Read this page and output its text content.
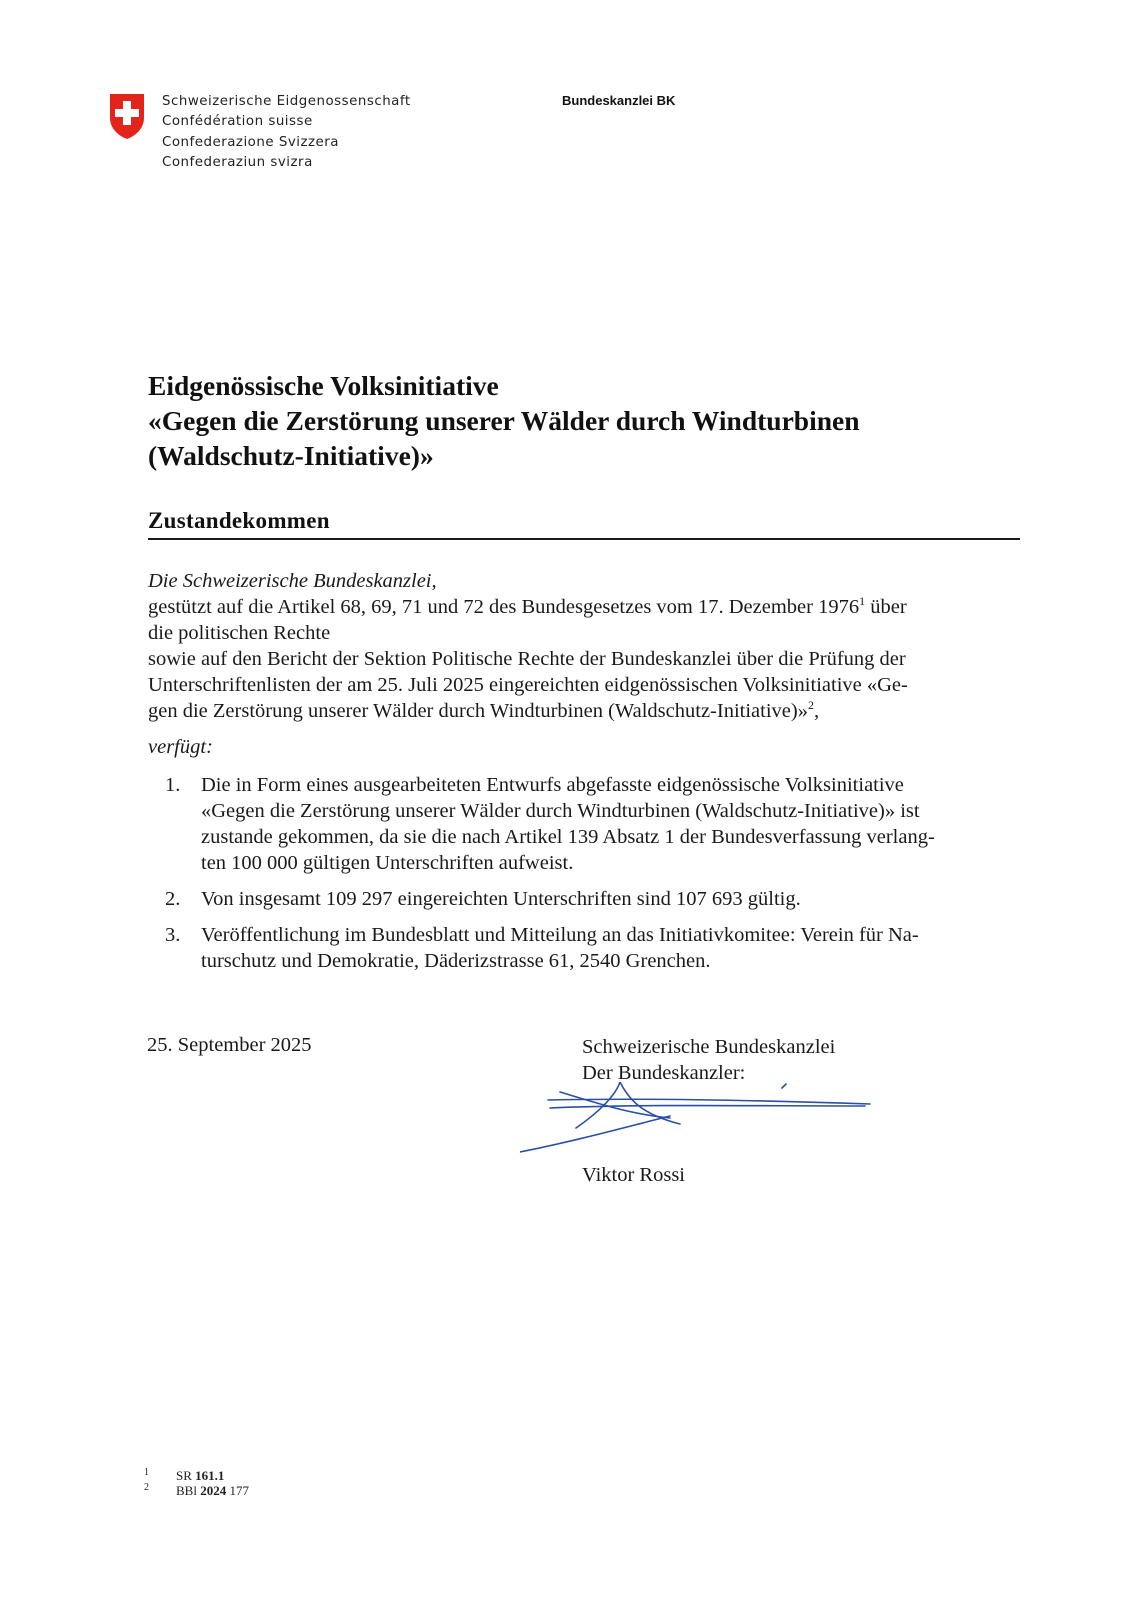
Schweizerische Eidgenossenschaft
Confédération suisse
Confederazione Svizzera
Confederaziun svizra
Bundeskanzlei BK
Eidgenössische Volksinitiative
«Gegen die Zerstörung unserer Wälder durch Windturbinen
(Waldschutz-Initiative)»
Zustandekommen
Die Schweizerische Bundeskanzlei,
gestützt auf die Artikel 68, 69, 71 und 72 des Bundesgesetzes vom 17. Dezember 1976$^1$ über
die politischen Rechte
sowie auf den Bericht der Sektion Politische Rechte der Bundeskanzlei über die Prüfung der
Unterschriftenlisten der am 25. Juli 2025 eingereichten eidgenössischen Volksinitiative «Ge-
gen die Zerstörung unserer Wälder durch Windturbinen (Waldschutz-Initiative)»$^2$,
verfügt:
1. Die in Form eines ausgearbeiteten Entwurfs abgefasste eidgenössische Volksinitiative
«Gegen die Zerstörung unserer Wälder durch Windturbinen (Waldschutz-Initiative)» ist
zustande gekommen, da sie die nach Artikel 139 Absatz 1 der Bundesverfassung verlang-
ten 100 000 gültigen Unterschriften aufweist.
2. Von insgesamt 109 297 eingereichten Unterschriften sind 107 693 gültig.
3. Veröffentlichung im Bundesblatt und Mitteilung an das Initiativkomitee: Verein für Na-
turschutz und Demokratie, Däderizstrasse 61, 2540 Grenchen.
25. September 2025	Schweizerische Bundeskanzlei
Der Bundeskanzler:
Viktor Rossi
1 SR 161.1
2 BBl 2024 177
